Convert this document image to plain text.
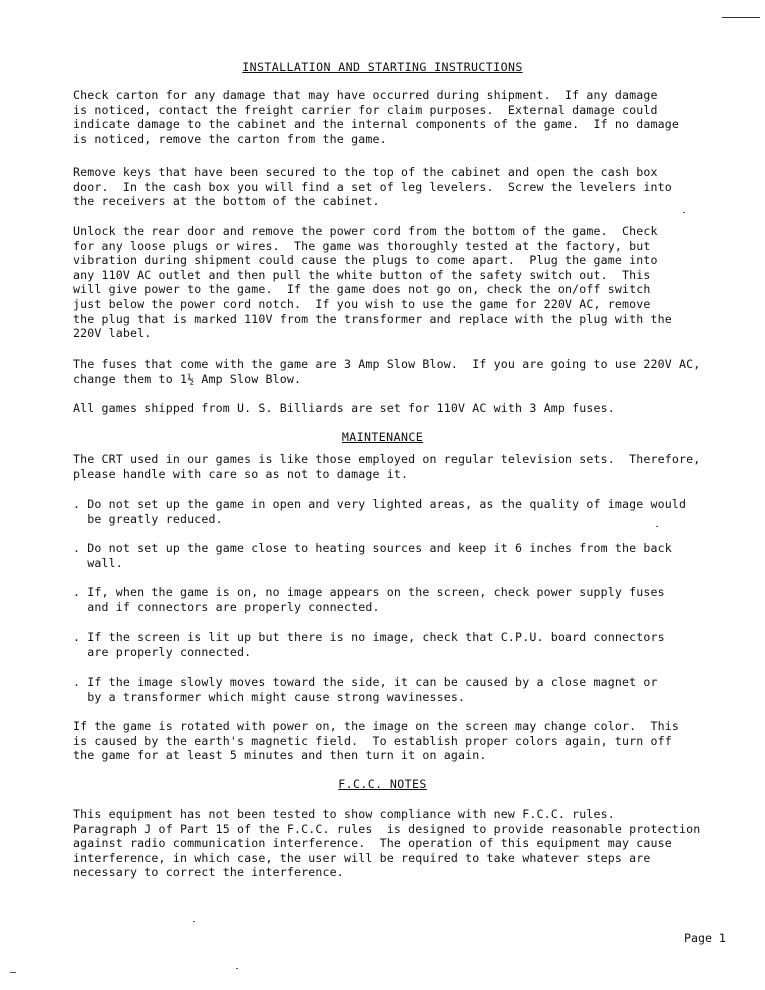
INSTALLATION AND STARTING INSTRUCTIONS
Check carton for any damage that may have occurred during shipment.  If any damage
is noticed, contact the freight carrier for claim purposes.  External damage could
indicate damage to the cabinet and the internal components of the game.  If no damage
is noticed, remove the carton from the game.
Remove keys that have been secured to the top of the cabinet and open the cash box
door.  In the cash box you will find a set of leg levelers.  Screw the levelers into
the receivers at the bottom of the cabinet.
Unlock the rear door and remove the power cord from the bottom of the game.  Check
for any loose plugs or wires.  The game was thoroughly tested at the factory, but
vibration during shipment could cause the plugs to come apart.  Plug the game into
any 110V AC outlet and then pull the white button of the safety switch out.  This
will give power to the game.  If the game does not go on, check the on/off switch
just below the power cord notch.  If you wish to use the game for 220V AC, remove
the plug that is marked 110V from the transformer and replace with the plug with the
220V label.
The fuses that come with the game are 3 Amp Slow Blow.  If you are going to use 220V AC,
change them to 1½ Amp Slow Blow.
All games shipped from U. S. Billiards are set for 110V AC with 3 Amp fuses.
MAINTENANCE
The CRT used in our games is like those employed on regular television sets.  Therefore,
please handle with care so as not to damage it.
. Do not set up the game in open and very lighted areas, as the quality of image would
be greatly reduced.
. Do not set up the game close to heating sources and keep it 6 inches from the back
wall.
. If, when the game is on, no image appears on the screen, check power supply fuses
and if connectors are properly connected.
. If the screen is lit up but there is no image, check that C.P.U. board connectors
are properly connected.
. If the image slowly moves toward the side, it can be caused by a close magnet or
by a transformer which might cause strong wavinesses.
If the game is rotated with power on, the image on the screen may change color.  This
is caused by the earth's magnetic field.  To establish proper colors again, turn off
the game for at least 5 minutes and then turn it on again.
F.C.C. NOTES
This equipment has not been tested to show compliance with new F.C.C. rules.
Paragraph J of Part 15 of the F.C.C. rules  is designed to provide reasonable protection
against radio communication interference.  The operation of this equipment may cause
interference, in which case, the user will be required to take whatever steps are
necessary to correct the interference.
Page 1
